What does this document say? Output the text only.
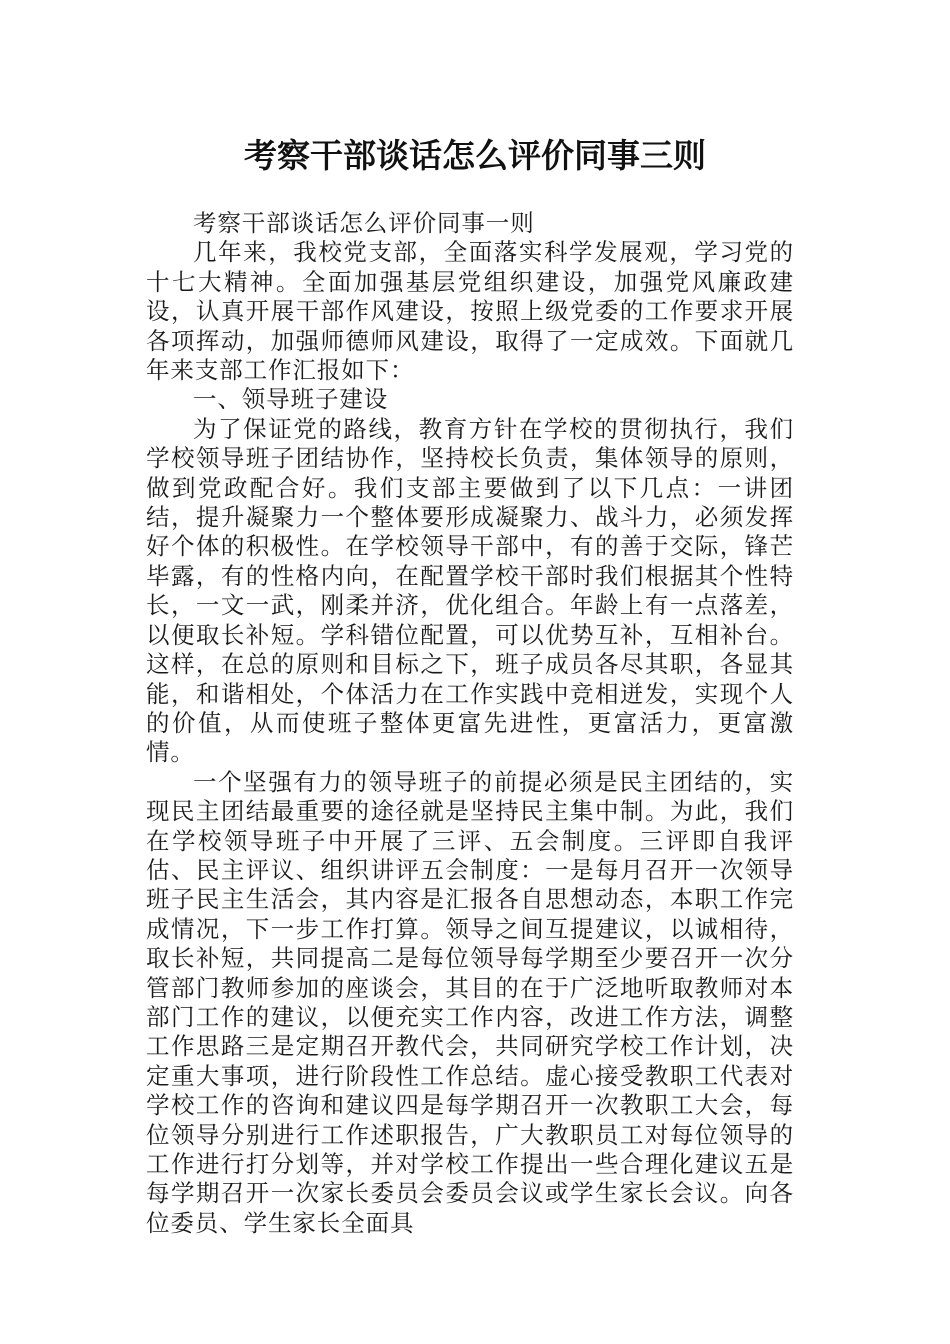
考察干部谈话怎么评价同事三则

考察干部谈话怎么评价同事一则

几年来，我校党支部，全面落实科学发展观，学习党的十七大精神。全面加强基层党组织建设，加强党风廉政建设，认真开展干部作风建设，按照上级党委的工作要求开展各项挥动，加强师德师风建设，取得了一定成效。下面就几年来支部工作汇报如下：

一、领导班子建设

为了保证党的路线，教育方针在学校的贯彻执行，我们学校领导班子团结协作，坚持校长负责，集体领导的原则，做到党政配合好。我们支部主要做到了以下几点：一讲团结，提升凝聚力一个整体要形成凝聚力、战斗力，必须发挥好个体的积极性。在学校领导干部中，有的善于交际，锋芒毕露，有的性格内向，在配置学校干部时我们根据其个性特长，一文一武，刚柔并济，优化组合。年龄上有一点落差，以便取长补短。学科错位配置，可以优势互补，互相补台。这样，在总的原则和目标之下，班子成员各尽其职，各显其能，和谐相处，个体活力在工作实践中竞相迸发，实现个人的价值，从而使班子整体更富先进性，更富活力，更富激情。

一个坚强有力的领导班子的前提必须是民主团结的，实现民主团结最重要的途径就是坚持民主集中制。为此，我们在学校领导班子中开展了三评、五会制度。三评即自我评估、民主评议、组织讲评五会制度：一是每月召开一次领导班子民主生活会，其内容是汇报各自思想动态，本职工作完成情况，下一步工作打算。领导之间互提建议，以诚相待，取长补短，共同提高二是每位领导每学期至少要召开一次分管部门教师参加的座谈会，其目的在于广泛地听取教师对本部门工作的建议，以便充实工作内容，改进工作方法，调整工作思路三是定期召开教代会，共同研究学校工作计划，决定重大事项，进行阶段性工作总结。虚心接受教职工代表对学校工作的咨询和建议四是每学期召开一次教职工大会，每位领导分别进行工作述职报告，广大教职员工对每位领导的工作进行打分划等，并对学校工作提出一些合理化建议五是每学期召开一次家长委员会委员会议或学生家长会议。向各位委员、学生家长全面具
